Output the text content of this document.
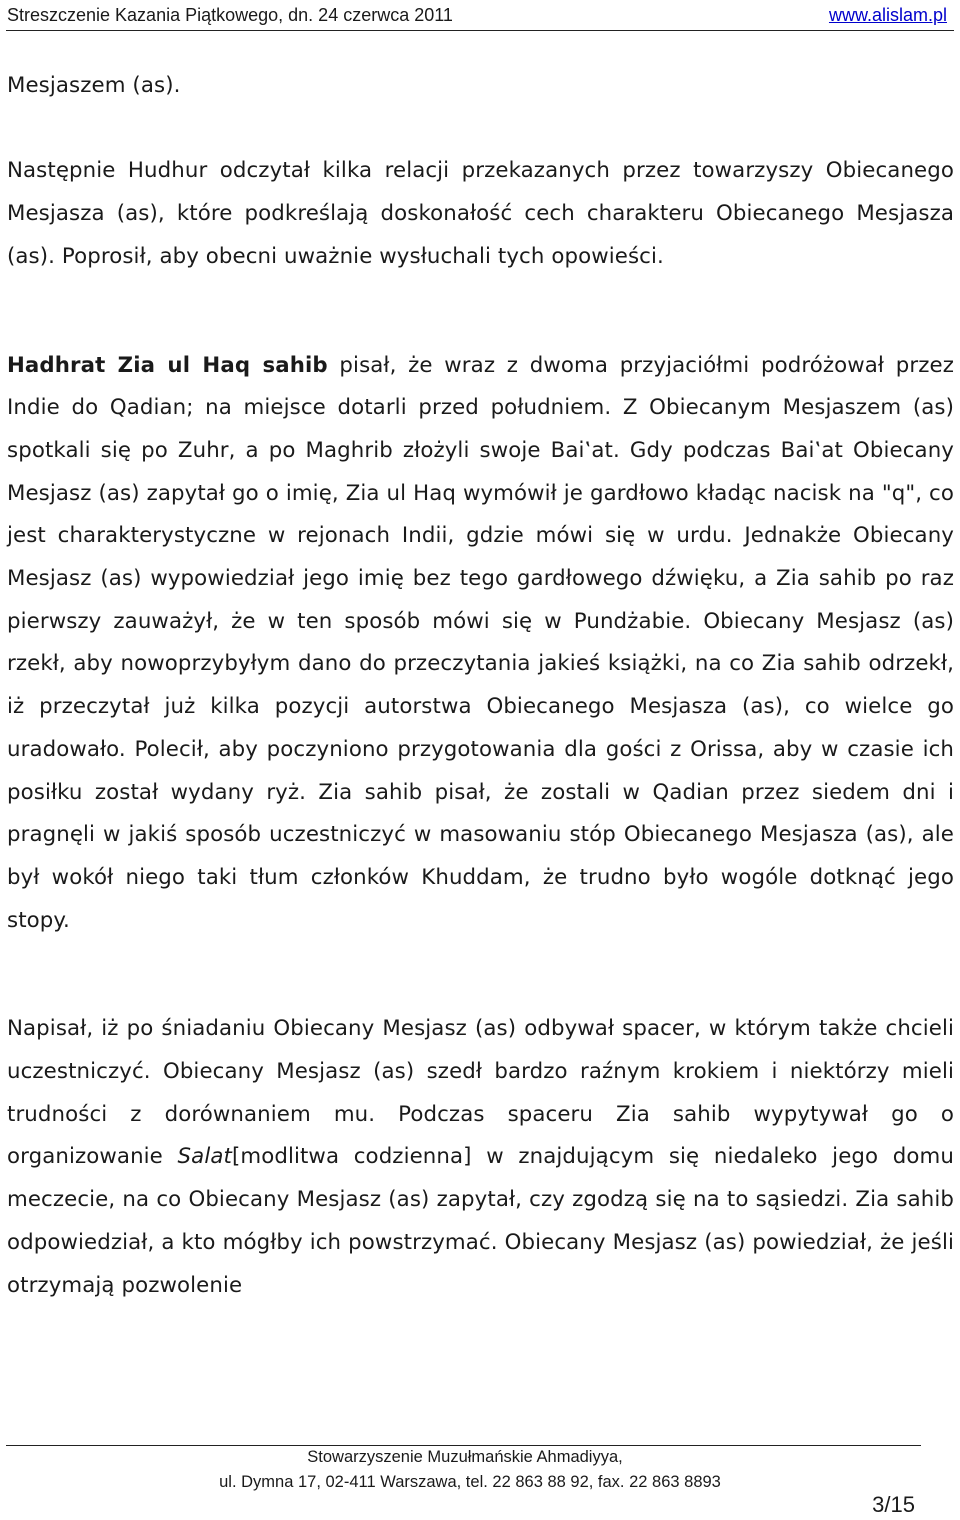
Streszczenie Kazania Piątkowego, dn. 24 czerwca 2011	www.alislam.pl

Mesjaszem (as).

Następnie Hudhur odczytał kilka relacji przekazanych przez towarzyszy Obiecanego Mesjasza (as), które podkreślają doskonałość cech charakteru Obiecanego Mesjasza (as). Poprosił, aby obecni uważnie wysłuchali tych opowieści.

Hadhrat Zia ul Haq sahib pisał, że wraz z dwoma przyjaciółmi podróżował przez Indie do Qadian; na miejsce dotarli przed południem. Z Obiecanym Mesjaszem (as) spotkali się po Zuhr, a po Maghrib złożyli swoje Bai‛at. Gdy podczas Bai‛at Obiecany Mesjasz (as) zapytał go o imię, Zia ul Haq wymówił je gardłowo kładąc nacisk na "q", co jest charakterystyczne w rejonach Indii, gdzie mówi się w urdu. Jednakże Obiecany Mesjasz (as) wypowiedział jego imię bez tego gardłowego dźwięku, a Zia sahib po raz pierwszy zauważył, że w ten sposób mówi się w Pundżabie. Obiecany Mesjasz (as) rzekł, aby nowoprzybyłym dano do przeczytania jakieś książki, na co Zia sahib odrzekł, iż przeczytał już kilka pozycji autorstwa Obiecanego Mesjasza (as), co wielce go uradowało. Polecił, aby poczyniono przygotowania dla gości z Orissa, aby w czasie ich posiłku został wydany ryż. Zia sahib pisał, że zostali w Qadian przez siedem dni i pragnęli w jakiś sposób uczestniczyć w masowaniu stóp Obiecanego Mesjasza (as), ale był wokół niego taki tłum członków Khuddam, że trudno było wogóle dotknąć jego stopy.

Napisał, iż po śniadaniu Obiecany Mesjasz (as) odbywał spacer, w którym także chcieli uczestniczyć. Obiecany Mesjasz (as) szedł bardzo raźnym krokiem i niektórzy mieli trudności z dorównaniem mu. Podczas spaceru Zia sahib wypytywał go o organizowanie Salat[modlitwa codzienna] w znajdującym się niedaleko jego domu meczecie, na co Obiecany Mesjasz (as) zapytał, czy zgodzą się na to sąsiedzi. Zia sahib odpowiedział, a kto mógłby ich powstrzymać. Obiecany Mesjasz (as) powiedział, że jeśli otrzymają pozwolenie

Stowarzyszenie Muzułmańskie Ahmadiyya,
ul. Dymna 17, 02-411 Warszawa, tel. 22 863 88 92, fax. 22 863 8893
3/15
